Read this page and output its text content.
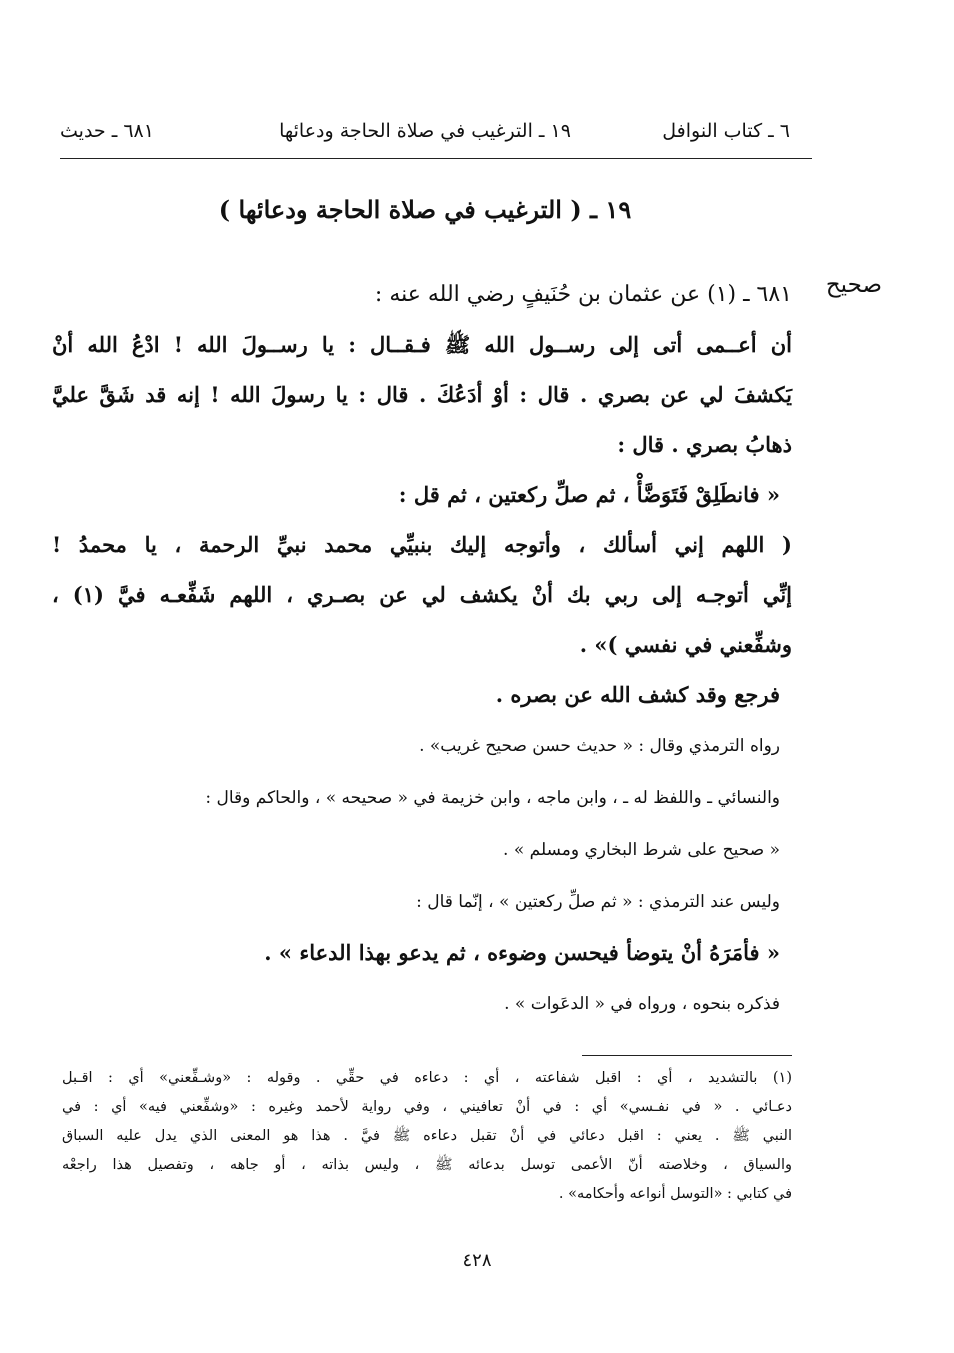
٦ ـ كتاب النوافل
١٩ ـ الترغيب في صلاة الحاجة ودعائها
٦٨١ ـ حديث
١٩ ـ ( الترغيب في صلاة الحاجة ودعائها )
صحيح
٦٨١ ـ (١) عن عثمان بن حُنَيفٍ رضي الله عنه :
أن أعــمى أتى إلى رســول الله ﷺ فـقــال : يا رســولَ الله ! ادْعُ الله أنْ
يَكشفَ لي عن بصري . قال : أوْ أدَعُكَ . قال : يا رسولَ الله ! إنه قد شَقَّ عليَّ
ذهابُ بصري . قال :
« فانطَلِقْ فَتَوَضَّأْ ، ثم صلِّ ركعتين ، ثم قل :
( اللهم إني أسألك ، وأتوجه إليك بنبيِّي محمد نبيِّ الرحمة ، يا محمدُ !
إنِّي أتوجـه إلى ربي بك أنْ يكشف لي عن بصـري ، اللهم شَفِّعـه فيَّ (١) ،
وشفِّعني في نفسي )» .
فرجع وقد كشف الله عن بصره .
رواه الترمذي وقال : « حديث حسن صحيح غريب» .
والنسائي ـ واللفظ له ـ ، وابن ماجه ، وابن خزيمة في « صحيحه » ، والحاكم وقال :
« صحيح على شرط البخاري ومسلم » .
وليس عند الترمذي : « ثم صلِّ ركعتين » ، إنّما قال :
« فأمَرَهُ أنْ يتوضأ فيحسن وضوءه ، ثم يدعو بهذا الدعاء » .
فذكره بنحوه ، ورواه في « الدعَوات » .
(١) بالتشديد ، أي : اقبل شفاعته ، أي : دعاءه في حقِّي . وقوله : «وشـفِّعني» أي : اقـبل
دعـائي . « في نفـسي» أي : في أنْ تعافيني ، وفي رواية لأحمد وغيره : «وشفِّعني فيه» أي : في
النبي ﷺ . يعني : اقبل دعائي في أنْ تقبل دعاءه ﷺ فيَّ . هذا هو المعنى الذي يدل عليه السباق
والسياق ، وخلاصته أنّ الأعمى توسل بدعائه ﷺ ، وليس بذاته ، أو جاهه ، وتفصيل هذا راجعْه
في كتابي : «التوسل أنواعه وأحكامه» .
٤٢٨
